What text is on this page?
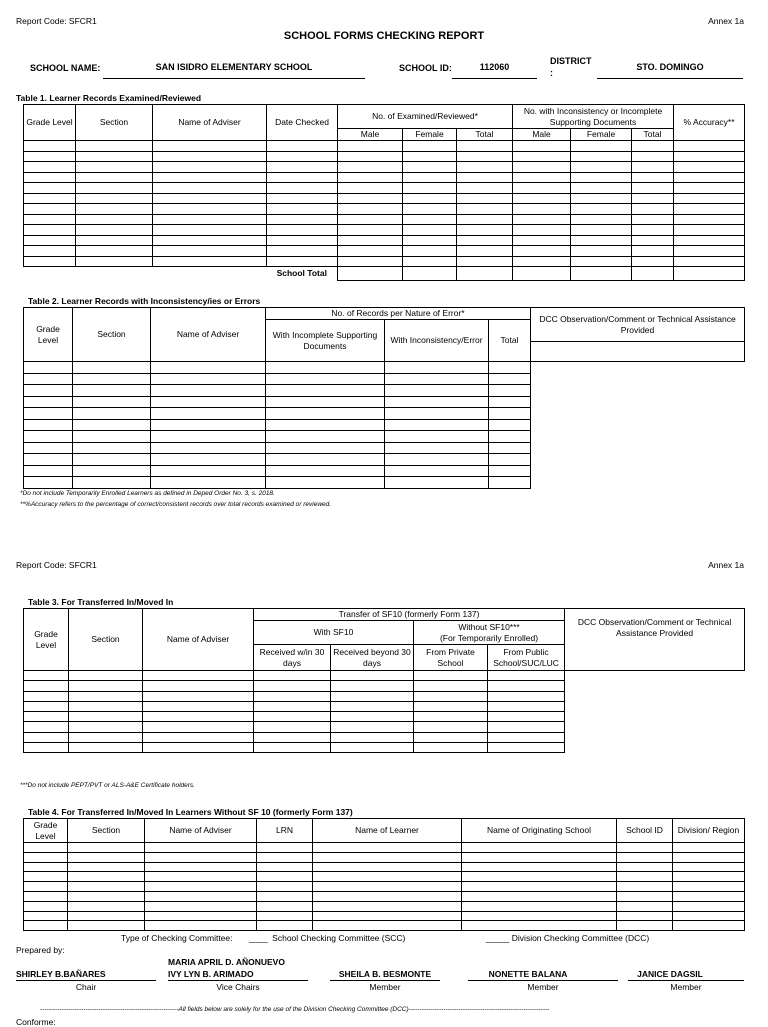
Report Code: SFCR1	Annex 1a
SCHOOL FORMS CHECKING REPORT
SCHOOL NAME:	SAN ISIDRO ELEMENTARY SCHOOL	SCHOOL ID:	112060
DISTRICT
:
STO. DOMINGO
Table 1. Learner Records Examined/Reviewed
Grade Level	Section	Name of Adviser	Date Checked	No. of Examined/Reviewed*			No. with Inconsistency or Incomplete Supporting Documents			% Accuracy**
				Male	Female	Total	Male	Female	Total	

			School Total							
Table 2. Learner Records with Inconsistency/ies or Errors
Grade Level	Section	Name of Adviser	No. of Records per Nature of Error*			DCC Observation/Comment or Technical Assistance Provided

			With Incomplete Supporting Documents	With Inconsistency/Error	Total	

*Do not include Temporarily Enrolled Learners as defined in Deped Order No. 3, s. 2018.
**%Accuracy refers to the percentage of correct/consistent records over total records examined or reviewed.
Report Code: SFCR1	Annex 1a
Table 3. For Transferred In/Moved In
Grade Level	Section	Name of Adviser	Transfer of SF10 (formerly Form 137)				DCC Observation/Comment or Technical Assistance Provided

			With SF10		Without SF10***
(For Temporarily Enrolled)		

			Received w/in 30 days	Received beyond 30 days	From Private School	From Public School/SUC/LUC	

***Do not include PEPT/PVT or ALS-A&E Certificate holders.
Table 4. For Transferred In/Moved In Learners Without SF 10 (formerly Form 137)
Grade Level	Section	Name of Adviser	LRN	Name of Learner	Name of Originating School	School ID	Division/ Region

Type of Checking Committee: ____ School Checking Committee (SCC)	_____ Division Checking Committee (DCC)
Prepared by:
SHIRLEY B.BAÑARES
Chair
MARIA APRIL D. AÑONUEVO
IVY LYN B. ARIMADO
Vice Chairs
SHEILA B. BESMONTE
Member
NONETTE BALANA
Member
JANICE DAGSIL
Member
----------------------------------------------------------------All fields below are solely for the use of the Division Checking Committee (DCC)-----------------------------------------------------------------
Conforme:
